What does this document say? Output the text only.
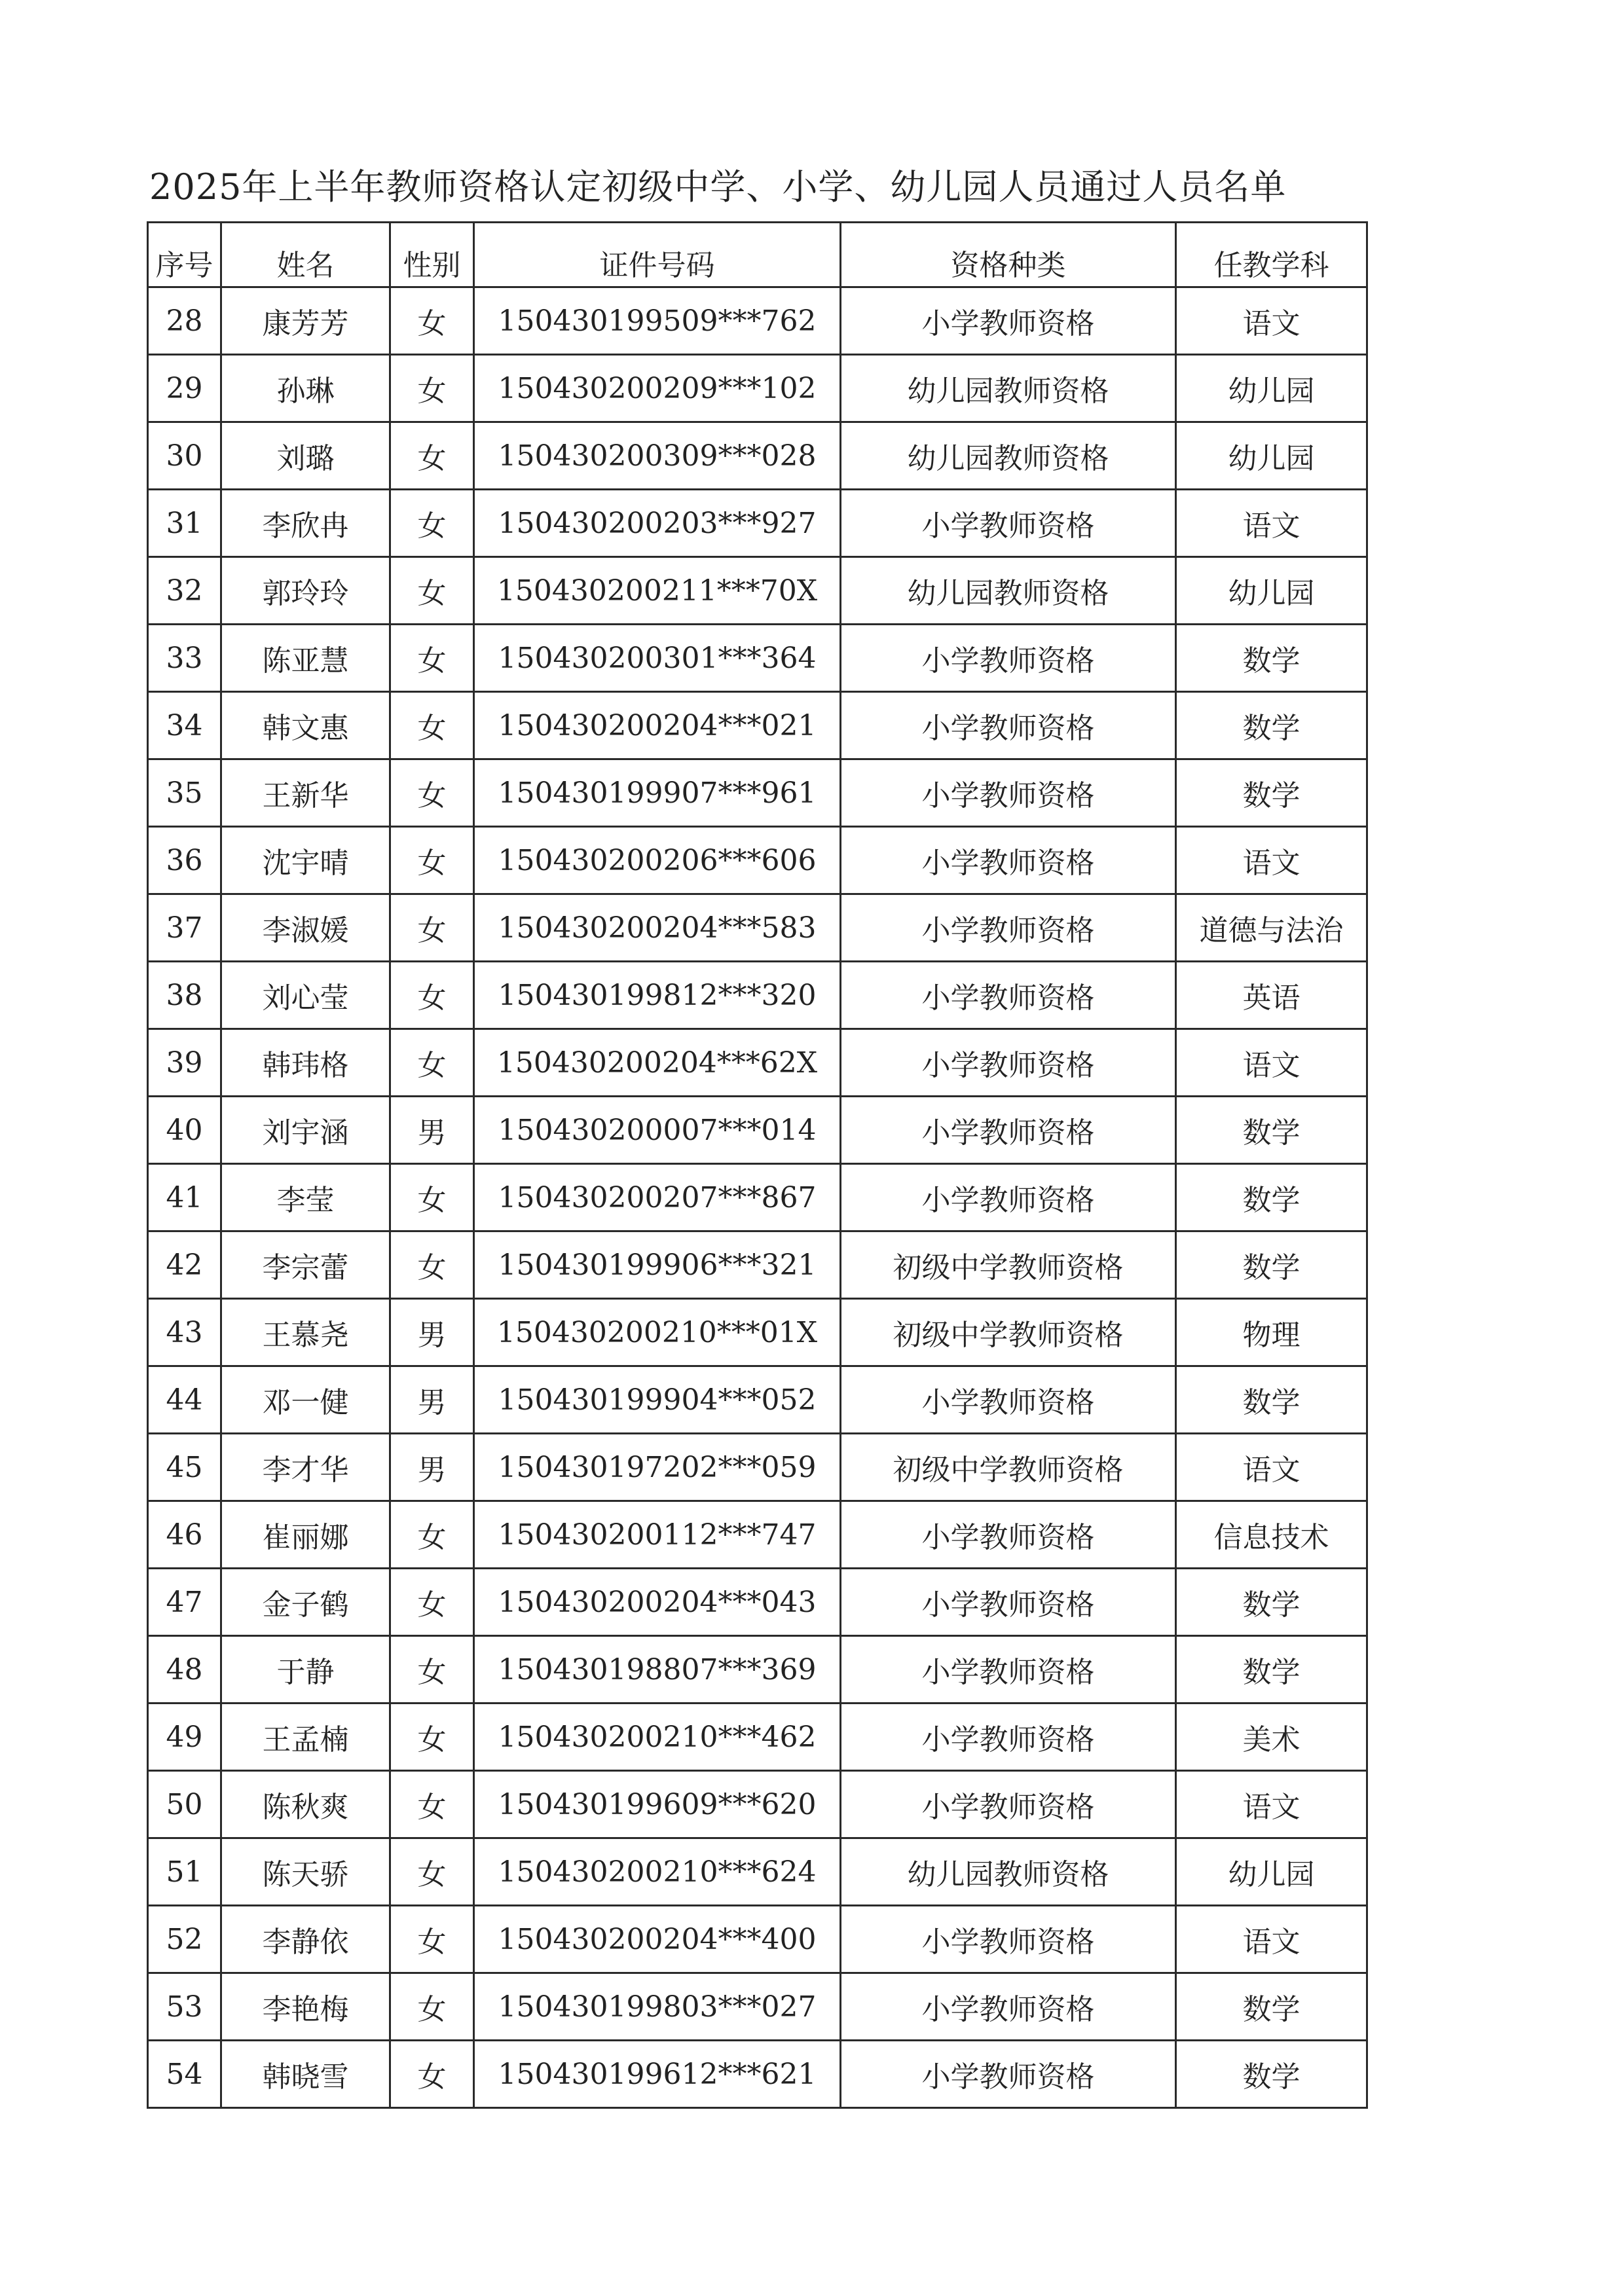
2025年上半年教师资格认定初级中学、小学、幼儿园人员通过人员名单
序号	姓名	性别	证件号码	资格种类	任教学科
28	康芳芳	女	150430199509***762	小学教师资格	语文
29	孙琳	女	150430200209***102	幼儿园教师资格	幼儿园
30	刘璐	女	150430200309***028	幼儿园教师资格	幼儿园
31	李欣冉	女	150430200203***927	小学教师资格	语文
32	郭玲玲	女	150430200211***70X	幼儿园教师资格	幼儿园
33	陈亚慧	女	150430200301***364	小学教师资格	数学
34	韩文惠	女	150430200204***021	小学教师资格	数学
35	王新华	女	150430199907***961	小学教师资格	数学
36	沈宇晴	女	150430200206***606	小学教师资格	语文
37	李淑媛	女	150430200204***583	小学教师资格	道德与法治
38	刘心莹	女	150430199812***320	小学教师资格	英语
39	韩玮格	女	150430200204***62X	小学教师资格	语文
40	刘宇涵	男	150430200007***014	小学教师资格	数学
41	李莹	女	150430200207***867	小学教师资格	数学
42	李宗蕾	女	150430199906***321	初级中学教师资格	数学
43	王慕尧	男	150430200210***01X	初级中学教师资格	物理
44	邓一健	男	150430199904***052	小学教师资格	数学
45	李才华	男	150430197202***059	初级中学教师资格	语文
46	崔丽娜	女	150430200112***747	小学教师资格	信息技术
47	金子鹤	女	150430200204***043	小学教师资格	数学
48	于静	女	150430198807***369	小学教师资格	数学
49	王孟楠	女	150430200210***462	小学教师资格	美术
50	陈秋爽	女	150430199609***620	小学教师资格	语文
51	陈天骄	女	150430200210***624	幼儿园教师资格	幼儿园
52	李静依	女	150430200204***400	小学教师资格	语文
53	李艳梅	女	150430199803***027	小学教师资格	数学
54	韩晓雪	女	150430199612***621	小学教师资格	数学
